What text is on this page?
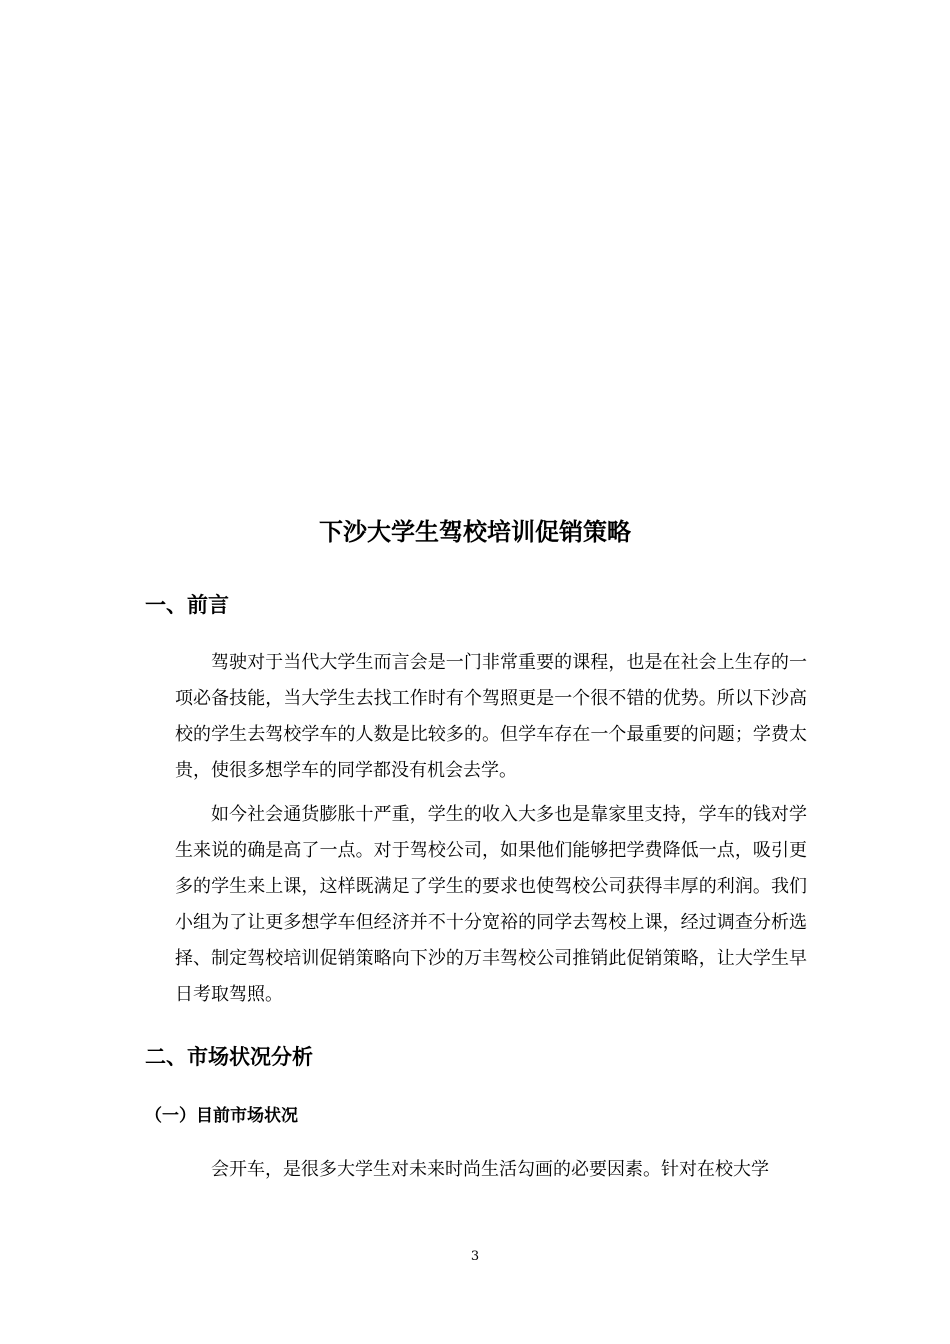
下沙大学生驾校培训促销策略
一、前言

驾驶对于当代大学生而言会是一门非常重要的课程，也是在社会上生存的一项必备技能，当大学生去找工作时有个驾照更是一个很不错的优势。所以下沙高校的学生去驾校学车的人数是比较多的。但学车存在一个最重要的问题；学费太贵，使很多想学车的同学都没有机会去学。

如今社会通货膨胀十严重，学生的收入大多也是靠家里支持，学车的钱对学生来说的确是高了一点。对于驾校公司，如果他们能够把学费降低一点，吸引更多的学生来上课，这样既满足了学生的要求也使驾校公司获得丰厚的利润。我们小组为了让更多想学车但经济并不十分宽裕的同学去驾校上课，经过调查分析选择、制定驾校培训促销策略向下沙的万丰驾校公司推销此促销策略，让大学生早日考取驾照。

二、市场状况分析
（一）目前市场状况

会开车，是很多大学生对未来时尚生活勾画的必要因素。针对在校大学

3
